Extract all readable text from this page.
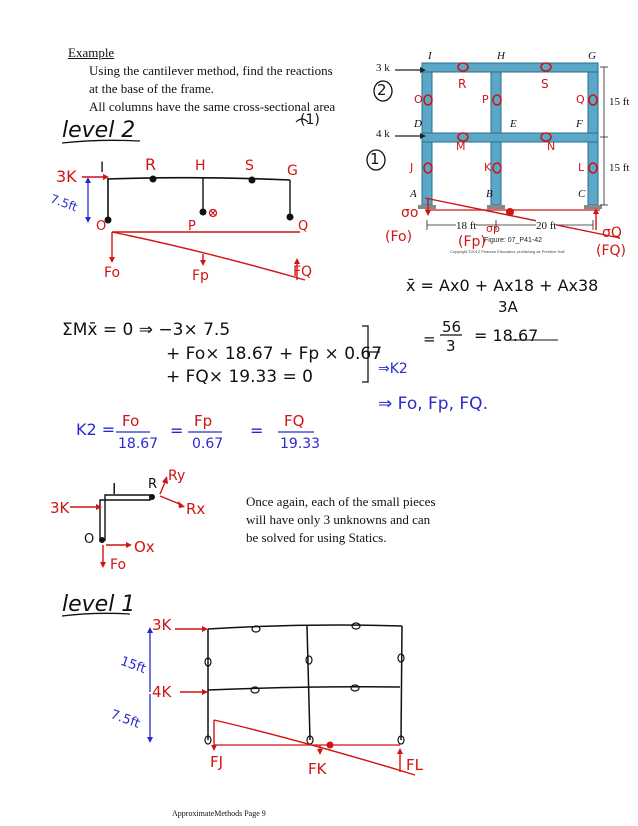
Example
Using the cantilever method, find the reactions
at the base of the frame.
All columns have the same cross-sectional area
I	H	G
D	E	F
A	B	C
3 k
4 k
15 ft
15 ft
18 ft	20 ft
Figure: 07_P41-42
Copyright ©2012 Pearson Education, publishing as Prentice Hall
R	S
O	P	Q
M	N
J	K	L
2
1
(1)
σo
σp	σQ
(Fo)	(Fp)
(FQ)
level 2
3K
7.5ft
I	R	H	S G
O	P	Q
Fo	Fp	FQ
x̄ = Ax0 + Ax18 + Ax38
3A
=
56
3
= 18.67
ΣMx̄ = 0 ⇒ −3× 7.5
+ Fo× 18.67 + Fp × 0.67
+ FQ× 19.33 = 0	⇒K2
⇒ Fo, Fp, FQ.
K2 = Fo
18.67
= Fp
0.67
= FQ
19.33
3K
I
O
R
Ry
Rx
Ox
Fo
Once again, each of the small pieces
will have only 3 unknowns and can
be solved for using Statics.
level 1
3K
4K
15ft
7.5ft
FJ	FK	FL
ApproximateMethods Page 9
